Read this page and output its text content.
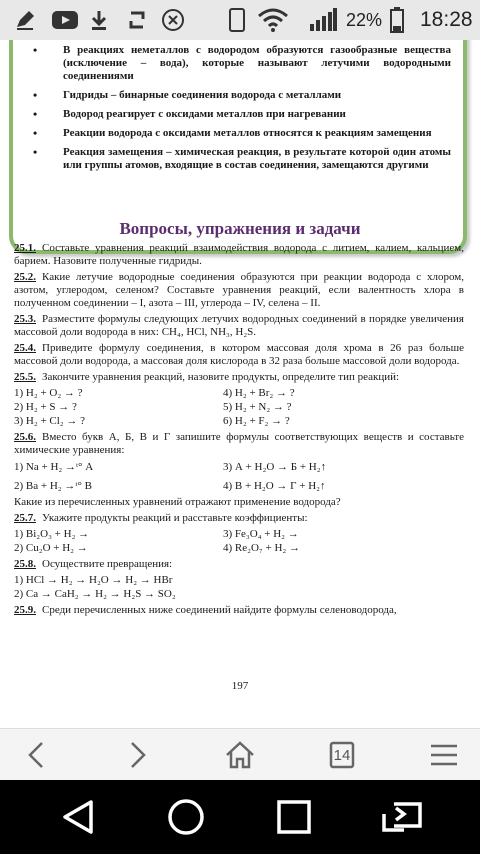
22% 18:28
• В реакциях неметаллов с водородом образуются газообразные вещества (исключение – вода), которые называют летучими водородными соединениями
• Гидриды – бинарные соединения водорода с металлами
• Водород реагирует с оксидами металлов при нагревании
• Реакции водорода с оксидами металлов относятся к реакциям замещения
• Реакция замещения – химическая реакция, в результате которой один атомы или группы атомов, входящие в состав соединения, замещаются другими
Вопросы, упражнения и задачи

25.1. Составьте уравнения реакций взаимодействия водорода с литием, калием, кальцием, барием. Назовите полученные гидриды.

25.2. Какие летучие водородные соединения образуются при реакции водорода с хлором, азотом, углеродом, селеном? Составьте уравнения реакций, если валентность хлора в полученном соединении – I, азота – III, углерода – IV, селена – II.

25.3. Разместите формулы следующих летучих водородных соединений в порядке увеличения массовой доли водорода в них: CH₄, HCl, NH₃, H₂S.

25.4. Приведите формулу соединения, в котором массовая доля хрома в 26 раз больше массовой доли водорода, а массовая доля кислорода в 32 раза больше массовой доли водорода.

25.5. Закончите уравнения реакций, назовите продукты, определите тип реакций:

1) H₂ + O₂ → ?	4) H₂ + Br₂ → ?
2) H₂ + S → ?	5) H₂ + N₂ → ?
3) H₂ + Cl₂ → ?	6) H₂ + F₂ → ?

25.6. Вместо букв А, Б, В и Г запишите формулы соответствующих веществ и составьте химические уравнения:

1) Na + H₂ →ᵗ° А	3) А + H₂O → Б + H₂↑
2) Ba + H₂ →ᵗ° В	4) В + H₂O → Г + H₂↑

Какие из перечисленных уравнений отражают применение водорода?

25.7. Укажите продукты реакций и расставьте коэффициенты:

1) Bi₂O₃ + H₂ →	3) Fe₃O₄ + H₂ →
2) Cu₂O + H₂ →	4) Re₂O₇ + H₂ →

25.8. Осуществите превращения:

1) HCl → H₂ → H₂O → H₂ → HBr
2) Ca → CaH₂ → H₂ → H₂S → SO₂

25.9. Среди перечисленных ниже соединений найдите формулы селеноводорода,

197
14
